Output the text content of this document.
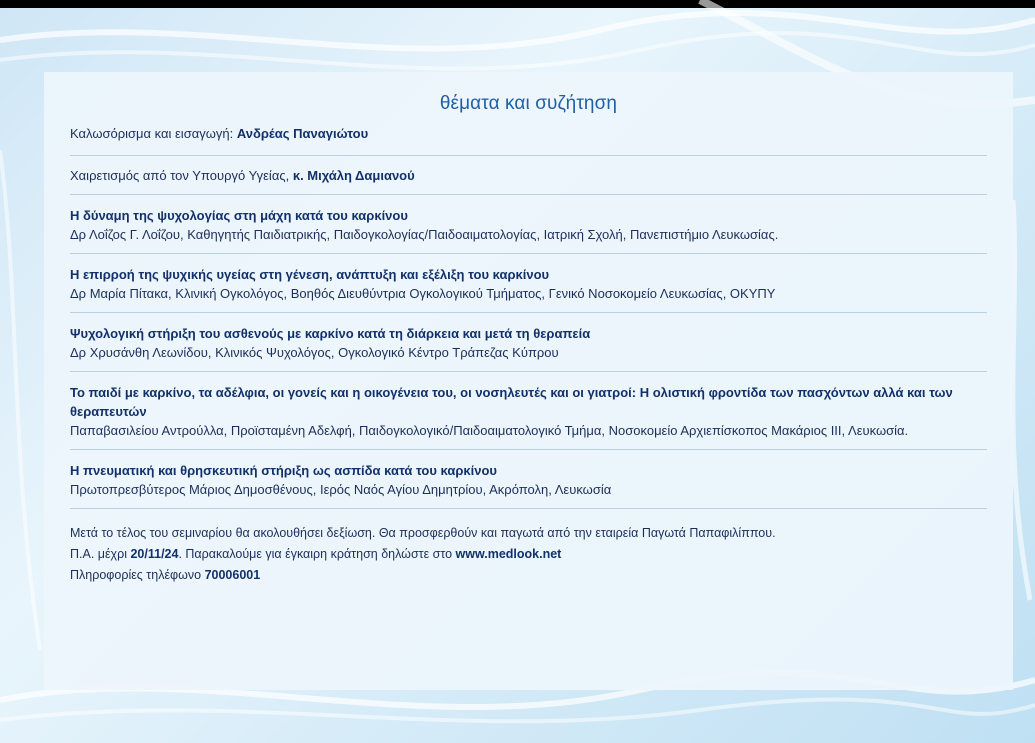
θέματα και συζήτηση
Καλωσόρισμα και εισαγωγή: Ανδρέας Παναγιώτου
Χαιρετισμός από τον Υπουργό Υγείας, κ. Μιχάλη Δαμιανού
Η δύναμη της ψυχολογίας στη μάχη κατά του καρκίνου
Δρ Λοΐζος Γ. Λοΐζου, Καθηγητής Παιδιατρικής, Παιδογκολογίας/Παιδοαιματολογίας, Ιατρική Σχολή, Πανεπιστήμιο Λευκωσίας.
Η επιρροή της ψυχικής υγείας στη γένεση, ανάπτυξη και εξέλιξη του καρκίνου
Δρ Μαρία Πίτακα, Κλινική Ογκολόγος, Βοηθός Διευθύντρια Ογκολογικού Τμήματος, Γενικό Νοσοκομείο Λευκωσίας, ΟΚΥΠΥ
Ψυχολογική στήριξη του ασθενούς με καρκίνο κατά τη διάρκεια και μετά τη θεραπεία
Δρ Χρυσάνθη Λεωνίδου, Κλινικός Ψυχολόγος, Ογκολογικό Κέντρο Τράπεζας Κύπρου
Το παιδί με καρκίνο, τα αδέλφια, οι γονείς και η οικογένεια του, οι νοσηλευτές και οι γιατροί: Η ολιστική φροντίδα των πασχόντων αλλά και των θεραπευτών
Παπαβασιλείου Αντρούλλα, Προϊσταμένη Αδελφή, Παιδογκολογικό/Παιδοαιματολογικό Τμήμα, Νοσοκομείο Αρχιεπίσκοπος Μακάριος ΙΙΙ, Λευκωσία.
Η πνευματική και θρησκευτική στήριξη ως ασπίδα κατά του καρκίνου
Πρωτοπρεσβύτερος Μάριος Δημοσθένους, Ιερός Ναός Αγίου Δημητρίου, Ακρόπολη, Λευκωσία
Μετά το τέλος του σεμιναρίου θα ακολουθήσει δεξίωση. Θα προσφερθούν και παγωτά από την εταιρεία Παγωτά Παπαφιλίππου.
Π.Α. μέχρι 20/11/24. Παρακαλούμε για έγκαιρη κράτηση δηλώστε στο www.medlook.net
Πληροφορίες τηλέφωνο 70006001
